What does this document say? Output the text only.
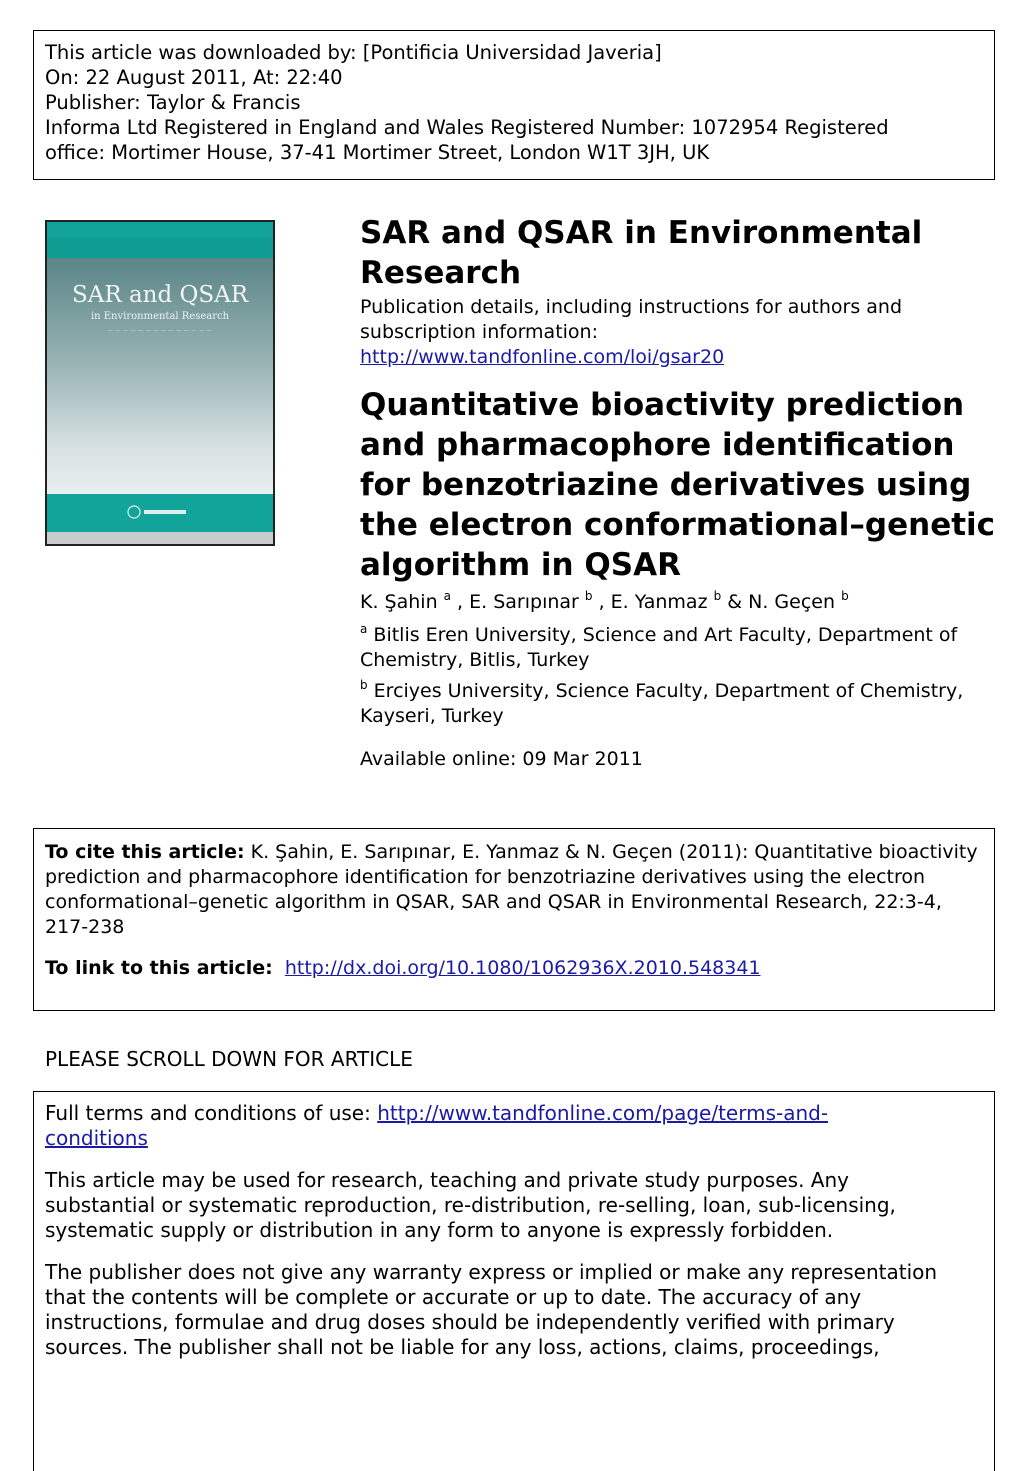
This article was downloaded by: [Pontificia Universidad Javeria]
On: 22 August 2011, At: 22:40
Publisher: Taylor & Francis
Informa Ltd Registered in England and Wales Registered Number: 1072954 Registered
office: Mortimer House, 37-41 Mortimer Street, London W1T 3JH, UK
SAR and QSAR
in Environmental Research
— — — — — — — — — — — — — —
SAR and QSAR in Environmental
Research
Publication details, including instructions for authors and
subscription information:
http://www.tandfonline.com/loi/gsar20
Quantitative bioactivity prediction
and pharmacophore identification
for benzotriazine derivatives using
the electron conformational–genetic
algorithm in QSAR
K. Şahin $^a$ , E. Sarıpınar $^b$ , E. Yanmaz $^b$ & N. Geçen $^b$
$^a$ Bitlis Eren University, Science and Art Faculty, Department of
Chemistry, Bitlis, Turkey
$^b$ Erciyes University, Science Faculty, Department of Chemistry,
Kayseri, Turkey
Available online: 09 Mar 2011
To cite this article: K. Şahin, E. Sarıpınar, E. Yanmaz & N. Geçen (2011): Quantitative bioactivity
prediction and pharmacophore identification for benzotriazine derivatives using the electron
conformational–genetic algorithm in QSAR, SAR and QSAR in Environmental Research, 22:3-4,
217-238
To link to this article: http://dx.doi.org/10.1080/1062936X.2010.548341
PLEASE SCROLL DOWN FOR ARTICLE

Full terms and conditions of use: http://www.tandfonline.com/page/terms-and-
conditions

This article may be used for research, teaching and private study purposes. Any
substantial or systematic reproduction, re-distribution, re-selling, loan, sub-licensing,
systematic supply or distribution in any form to anyone is expressly forbidden.

The publisher does not give any warranty express or implied or make any representation
that the contents will be complete or accurate or up to date. The accuracy of any
instructions, formulae and drug doses should be independently verified with primary
sources. The publisher shall not be liable for any loss, actions, claims, proceedings,
